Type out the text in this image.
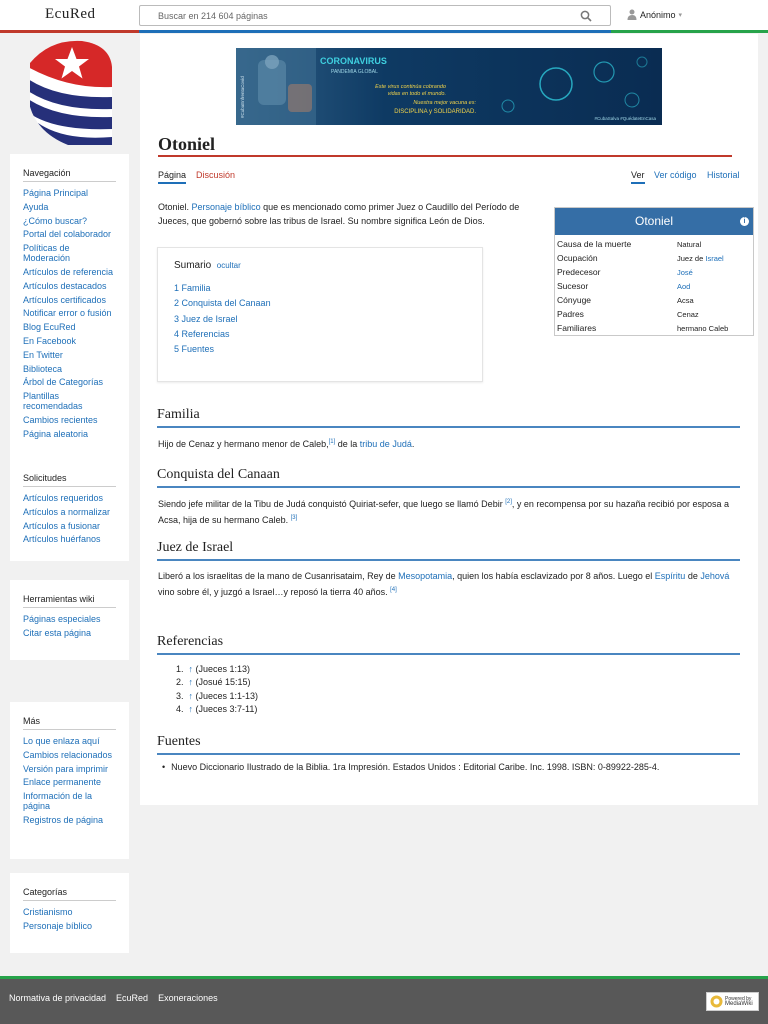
EcuRed
Buscar en 214 604 páginas	Anónimo ▾
Navegación
Página Principal
Ayuda
¿Cómo buscar?
Portal del colaborador
Políticas de Moderación
Artículos de referencia
Artículos destacados
Artículos certificados
Notificar error o fusión
Blog EcuRed
En Facebook
En Twitter
Biblioteca
Árbol de Categorías
Plantillas recomendadas
Cambios recientes
Página aleatoria
Solicitudes
Artículos requeridos
Artículos a normalizar
Artículos a fusionar
Artículos huérfanos
Herramientas wiki
Páginas especiales
Citar esta página
Más
Lo que enlaza aquí
Cambios relacionados
Versión para imprimir
Enlace permanente
Información de la página
Registros de página
Categorías
Cristianismo
Personaje bíblico
CORONAVIRUS
PANDEMIA GLOBAL
Este virus continúa cobrando
vidas en todo el mundo.
Nuestra mejor vacuna es:
DISCIPLINA y SOLIDARIDAD.
#CubaEnfrentaCovid
#CubaSalva #QuédateEnCasa
Otoniel
Página Discusión	Ver Ver código Historial

Otoniel. Personaje bíblico que es mencionado como primer Juez o Caudillo del Período de Jueces, que gobernó sobre las tribus de Israel. Su nombre significa León de Dios.	Otoniel	i
Causa de la muerte	Natural
Ocupación	Juez de Israel
Predecesor	José
Sucesor	Aod
Cónyuge	Acsa
Padres	Cenaz
Familiares	hermano Caleb
Sumario ocultar
1 Familia
2 Conquista del Canaan
3 Juez de Israel
4 Referencias
5 Fuentes
Familia

Hijo de Cenaz y hermano menor de Caleb,[1] de la tribu de Judá.

Conquista del Canaan

Siendo jefe militar de la Tibu de Judá conquistó Quiriat-sefer, que luego se llamó Debir [2], y en recompensa por su hazaña recibió por esposa a Acsa, hija de su hermano Caleb. [3]

Juez de Israel

Liberó a los israelitas de la mano de Cusanrisataim, Rey de Mesopotamia, quien los había esclavizado por 8 años. Luego el Espíritu de Jehová vino sobre él, y juzgó a Israel…y reposó la tierra 40 años. [4]

Referencias
1. ↑ (Jueces 1:13)
2. ↑ (Josué 15:15)
3. ↑ (Jueces 1:1-13)
4. ↑ (Jueces 3:7-11)
Fuentes
• Nuevo Diccionario Ilustrado de la Biblia. 1ra Impresión. Estados Unidos : Editorial Caribe. Inc. 1998. ISBN: 0-89922-285-4.
Normativa de privacidad EcuRed Exoneraciones	Powered by
MediaWiki
